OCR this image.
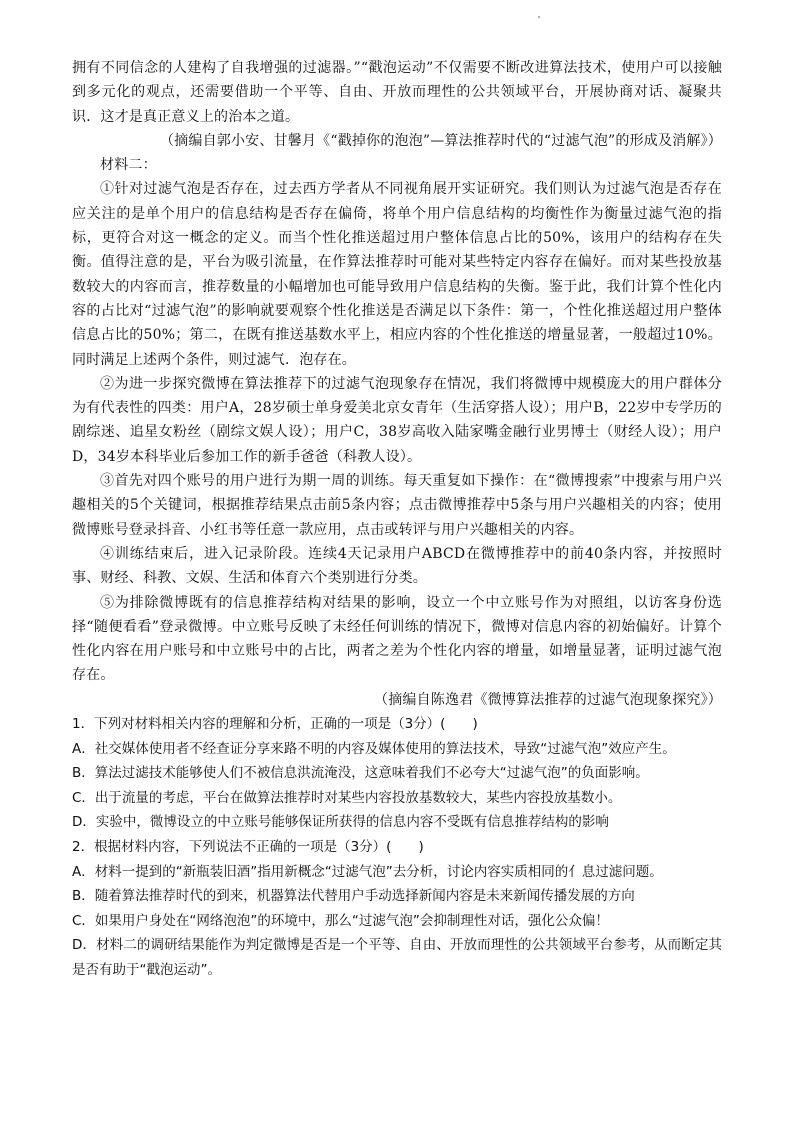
拥有不同信念的人建构了自我增强的过滤器。”“戳泡运动”不仅需要不断改进算法技术，使用户可以接触到多元化的观点，还需要借助一个平等、自由、开放而理性的公共领域平台，开展协商对话、凝聚共识．这才是真正意义上的治本之道。

（摘编自郭小安、甘馨月《“戳掉你的泡泡”—算法推荐时代的“过滤气泡”的形成及消解》）

材料二：

①针对过滤气泡是否存在，过去西方学者从不同视角展开实证研究。我们则认为过滤气泡是否存在应关注的是单个用户的信息结构是否存在偏倚，将单个用户信息结构的均衡性作为衡量过滤气泡的指标，更符合对这一概念的定义。而当个性化推送超过用户整体信息占比的50%，该用户的结构存在失衡。值得注意的是，平台为吸引流量，在作算法推荐时可能对某些特定内容存在偏好。而对某些投放基数较大的内容而言，推荐数量的小幅增加也可能导致用户信息结构的失衡。鉴于此，我们计算个性化内容的占比对“过滤气泡”的影响就要观察个性化推送是否满足以下条件：第一，个性化推送超过用户整体信息占比的50%；第二，在既有推送基数水平上，相应内容的个性化推送的增量显著，一般超过10%。同时满足上述两个条件，则过滤气．泡存在。

②为进一步探究微博在算法推荐下的过滤气泡现象存在情况，我们将微博中规模庞大的用户群体分为有代表性的四类：用户A，28岁硕士单身爱美北京女青年（生活穿搭人设）；用户B，22岁中专学历的剧综迷、追星女粉丝（剧综文娱人设）；用户C，38岁高收入陆家嘴金融行业男博士（财经人设）；用户D，34岁本科毕业后参加工作的新手爸爸（科教人设）。

③首先对四个账号的用户进行为期一周的训练。每天重复如下操作：在“微博搜索”中搜索与用户兴趣相关的5个关键词，根据推荐结果点击前5条内容；点击微博推荐中5条与用户兴趣相关的内容；使用微博账号登录抖音、小红书等任意一款应用，点击或转评与用户兴趣相关的内容。

④训练结束后，进入记录阶段。连续4天记录用户ABCD在微博推荐中的前40条内容，并按照时事、财经、科教、文娱、生活和体育六个类别进行分类。

⑤为排除微博既有的信息推荐结构对结果的影响，设立一个中立账号作为对照组，以访客身份选择“随便看看”登录微博。中立账号反映了未经任何训练的情况下，微博对信息内容的初始偏好。计算个性化内容在用户账号和中立账号中的占比，两者之差为个性化内容的增量，如增量显著，证明过滤气泡存在。

（摘编自陈逸君《微博算法推荐的过滤气泡现象探究》）

1．下列对材料相关内容的理解和分析，正确的一项是（3分）(　　)

A．社交媒体使用者不经查证分享来路不明的内容及媒体使用的算法技术，导致“过滤气泡”效应产生。

B．算法过滤技术能够使人们不被信息洪流淹没，这意味着我们不必夸大“过滤气泡”的负面影响。

C．出于流量的考虑，平台在做算法推荐时对某些内容投放基数较大，某些内容投放基数小。

D．实验中，微博设立的中立账号能够保证所获得的信息内容不受既有信息推荐结构的影响

2．根据材料内容，下列说法不正确的一项是（3分）(　　)

A．材料一提到的“新瓶装旧酒”指用新概念“过滤气泡”去分析，讨论内容实质相同的亻息过滤问题。

B．随着算法推荐时代的到来，机器算法代替用户手动选择新闻内容是未来新闻传播发展的方向

C．如果用户身处在“网络泡泡”的环境中，那么“过滤气泡”会抑制理性对话，强化公众偏！

D．材料二的调研结果能作为判定微博是否是一个平等、自由、开放而理性的公共领域平台参考，从而断定其是否有助于“戳泡运动”。
